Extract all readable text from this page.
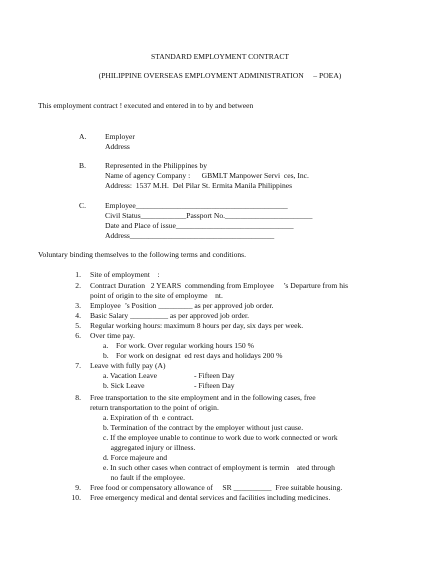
STANDARD EMPLOYMENT CONTRACT
(PHILIPPINE OVERSEAS EMPLOYMENT ADMINISTRATION     – POEA)
This employment contract ! executed and entered in to by and between
A. Employer
Address
B.	Represented in the Philippines by
Name of agency Company :      GBMLT Manpower Servi  ces, Inc.
Address:  1537 M.H.  Del Pilar St. Ermita Manila Philippines
C.	Employee________________________________________
Civil Status____________Passport No._______________________
Date and Place of issue_______________________________
Address______________________________________
Voluntary binding themselves to the following terms and conditions.
1. Site of employment    :
2. Contract Duration   2 YEARS  commending from Employee     ’s Departure from his
point of origin to the site of employme    nt.
3. Employee  ’s Position _________ as per approved job order.
4. Basic Salary __________ as per approved job order.
5. Regular working hours: maximum 8 hours per day, six days per week.
6. Over time pay.
a. For work. Over regular working hours 150 %
b. For work on designat  ed rest days and holidays 200 %
7. Leave with fully pay (A)
a. Vacation Leave	- Fifteen Day
b. Sick Leave	- Fifteen Day
8. Free transportation to the site employment and in the following cases, free
return transportation to the point of origin.
a. Expiration of th  e contract.
b. Termination of the contract by the employer without just cause.
c. If the employee unable to continue to work due to work connected or work
aggregated injury or illness.
d. Force majeure and
e. In such other cases when contract of employment is termin    ated through
no fault if the employee.
9. Free food or compensatory allowance of     SR __________  Free suitable housing.
10. Free emergency medical and dental services and facilities including medicines.
